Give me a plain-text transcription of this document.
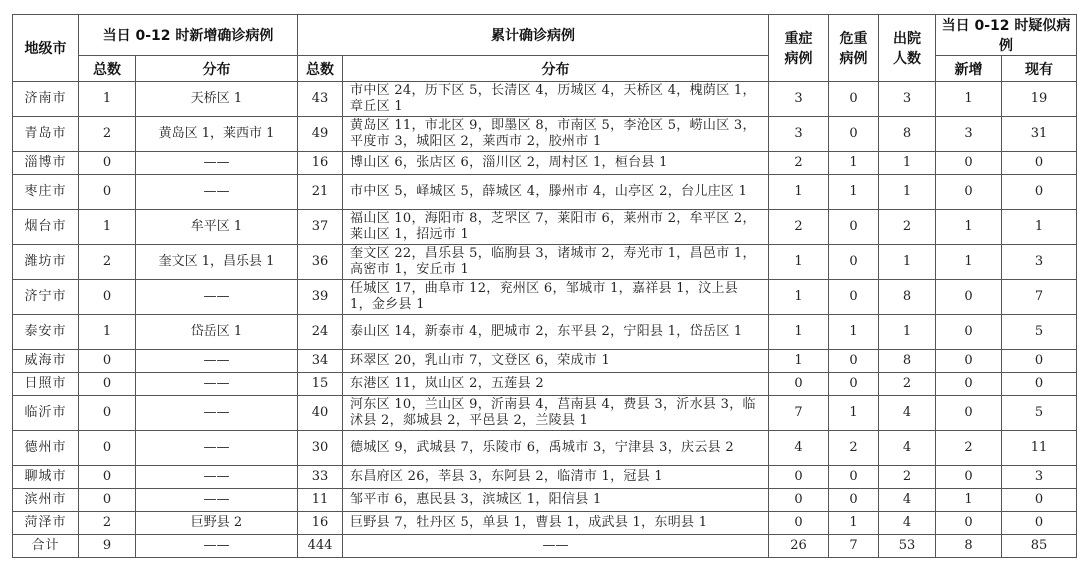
地级市	当日 0-12 时新增确诊病例		累计确诊病例		重症病例	危重病例	出院人数	当日 0-12 时疑似病例	
	总数	分布	总数	分布				新增	现有
济南市	1	天桥区 1	43	市中区 24，历下区 5，长清区 4，历城区 4，天桥区 4，槐荫区 1，章丘区 1	3	0	3	1	19
青岛市	2	黄岛区 1，莱西市 1	49	黄岛区 11，市北区 9，即墨区 8，市南区 5，李沧区 5，崂山区 3，平度市 3，城阳区 2，莱西市 2，胶州市 1	3	0	8	3	31
淄博市	0	——	16	博山区 6，张店区 6，淄川区 2，周村区 1，桓台县 1	2	1	1	0	0
枣庄市	0	——	21	市中区 5，峄城区 5，薛城区 4，滕州市 4，山亭区 2，台儿庄区 1	1	1	1	0	0
烟台市	1	牟平区 1	37	福山区 10，海阳市 8，芝罘区 7，莱阳市 6，莱州市 2，牟平区 2，莱山区 1，招远市 1	2	0	2	1	1
潍坊市	2	奎文区 1，昌乐县 1	36	奎文区 22，昌乐县 5，临朐县 3，诸城市 2，寿光市 1，昌邑市 1，高密市 1，安丘市 1	1	0	1	1	3
济宁市	0	——	39	任城区 17，曲阜市 12，兖州区 6，邹城市 1，嘉祥县 1，汶上县 1，金乡县 1	1	0	8	0	7
泰安市	1	岱岳区 1	24	泰山区 14，新泰市 4，肥城市 2，东平县 2，宁阳县 1，岱岳区 1	1	1	1	0	5
威海市	0	——	34	环翠区 20，乳山市 7，文登区 6，荣成市 1	1	0	8	0	0
日照市	0	——	15	东港区 11，岚山区 2，五莲县 2	0	0	2	0	0
临沂市	0	——	40	河东区 10，兰山区 9，沂南县 4，莒南县 4，费县 3，沂水县 3，临沭县 2，郯城县 2，平邑县 2，兰陵县 1	7	1	4	0	5
德州市	0	——	30	德城区 9，武城县 7，乐陵市 6，禹城市 3，宁津县 3，庆云县 2	4	2	4	2	11
聊城市	0	——	33	东昌府区 26，莘县 3，东阿县 2，临清市 1，冠县 1	0	0	2	0	3
滨州市	0	——	11	邹平市 6，惠民县 3，滨城区 1，阳信县 1	0	0	4	1	0
菏泽市	2	巨野县 2	16	巨野县 7，牡丹区 5，单县 1，曹县 1，成武县 1，东明县 1	0	1	4	0	0
合计	9	——	444	——	26	7	53	8	85
